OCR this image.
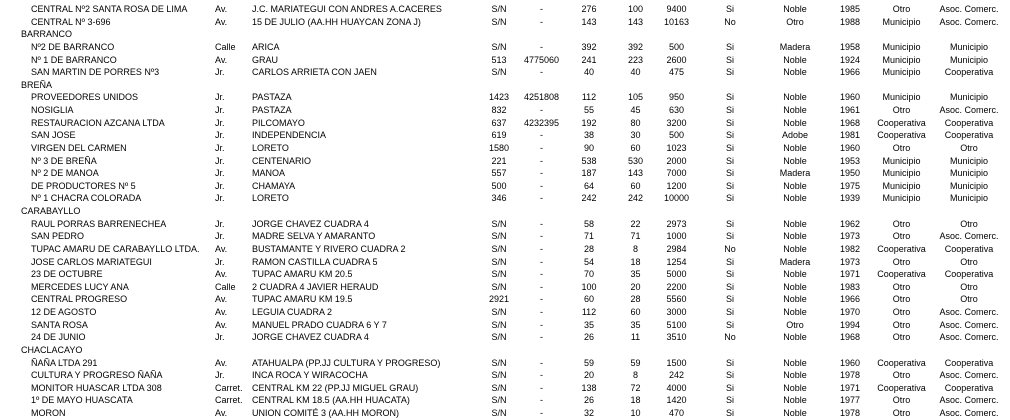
CENTRAL Nº2 SANTA ROSA DE LIMA	Av.	J.C. MARIATEGUI CON ANDRES A.CACERES	S/N	-	276	100	9400	Si	Noble	1985	Otro	Asoc. Comerc.
CENTRAL Nº 3-696	Av.	15 DE JULIO (AA.HH HUAYCAN ZONA J)	S/N	-	143	143	10163	No	Otro	1988	Municipio	Asoc. Comerc.
BARRANCO
Nº2 DE BARRANCO	Calle	ARICA	S/N	-	392	392	500	Si	Madera	1958	Municipio	Municipio
Nº 1 DE BARRANCO	Av.	GRAU	513	4775060	241	223	2600	Si	Noble	1924	Municipio	Municipio
SAN MARTIN DE PORRES Nº3	Jr.	CARLOS ARRIETA CON JAEN	S/N	-	40	40	475	Si	Noble	1966	Municipio	Cooperativa
BREÑA
PROVEEDORES UNIDOS	Jr.	PASTAZA	1423	4251808	112	105	950	Si	Noble	1960	Municipio	Municipio
NOSIGLIA	Jr.	PASTAZA	832	-	55	45	630	Si	Noble	1961	Otro	Asoc. Comerc.
RESTAURACION AZCANA LTDA	Jr.	PILCOMAYO	637	4232395	192	80	3200	Si	Noble	1968	Cooperativa	Cooperativa
SAN JOSE	Jr.	INDEPENDENCIA	619	-	38	30	500	Si	Adobe	1981	Cooperativa	Cooperativa
VIRGEN DEL CARMEN	Jr.	LORETO	1580	-	90	60	1023	Si	Noble	1960	Otro	Otro
Nº 3 DE BREÑA	Jr.	CENTENARIO	221	-	538	530	2000	Si	Noble	1953	Municipio	Municipio
Nº 2 DE MANOA	Jr.	MANOA	557	-	187	143	7000	Si	Madera	1950	Municipio	Municipio
DE PRODUCTORES Nº 5	Jr.	CHAMAYA	500	-	64	60	1200	Si	Noble	1975	Municipio	Municipio
Nº 1 CHACRA COLORADA	Jr.	LORETO	346	-	242	242	10000	Si	Noble	1939	Municipio	Municipio
CARABAYLLO
RAUL PORRAS BARRENECHEA	Jr.	JORGE CHAVEZ CUADRA 4	S/N	-	58	22	2973	Si	Noble	1962	Otro	Otro
SAN PEDRO	Jr.	MADRE SELVA Y AMARANTO	S/N	-	71	71	1000	Si	Noble	1973	Otro	Asoc. Comerc.
TUPAC AMARU DE CARABAYLLO LTDA.	Av.	BUSTAMANTE Y RIVERO CUADRA 2	S/N	-	28	8	2984	No	Noble	1982	Cooperativa	Cooperativa
JOSE CARLOS MARIATEGUI	Jr.	RAMON CASTILLA CUADRA 5	S/N	-	54	18	1254	Si	Madera	1973	Otro	Otro
23 DE OCTUBRE	Av.	TUPAC AMARU KM 20.5	S/N	-	70	35	5000	Si	Noble	1971	Cooperativa	Cooperativa
MERCEDES LUCY ANA	Calle	2 CUADRA 4 JAVIER HERAUD	S/N	-	100	20	2200	Si	Noble	1983	Otro	Otro
CENTRAL PROGRESO	Av.	TUPAC AMARU KM 19.5	2921	-	60	28	5560	Si	Noble	1966	Otro	Otro
12 DE AGOSTO	Av.	LEGUIA CUADRA 2	S/N	-	112	60	3000	Si	Noble	1970	Otro	Asoc. Comerc.
SANTA ROSA	Av.	MANUEL PRADO CUADRA 6 Y 7	S/N	-	35	35	5100	Si	Otro	1994	Otro	Asoc. Comerc.
24 DE JUNIO	Jr.	JORGE CHAVEZ CUADRA 4	S/N	-	26	11	3510	No	Noble	1968	Otro	Asoc. Comerc.
CHACLACAYO
ÑAÑA LTDA 291	Av.	ATAHUALPA (PP.JJ CULTURA Y PROGRESO)	S/N	-	59	59	1500	Si	Noble	1960	Cooperativa	Cooperativa
CULTURA Y PROGRESO ÑAÑA	Jr.	INCA ROCA Y WIRACOCHA	S/N	-	20	8	242	Si	Noble	1978	Otro	Asoc. Comerc.
MONITOR HUASCAR LTDA 308	Carret.	CENTRAL KM 22 (PP.JJ MIGUEL GRAU)	S/N	-	138	72	4000	Si	Noble	1971	Cooperativa	Cooperativa
1º DE MAYO HUASCATA	Carret.	CENTRAL KM 18.5 (AA.HH HUACATA)	S/N	-	26	18	1420	Si	Noble	1977	Otro	Asoc. Comerc.
MORON	Av.	UNION COMITÉ 3 (AA.HH MORON)	S/N	-	32	10	470	Si	Noble	1978	Otro	Asoc. Comerc.
